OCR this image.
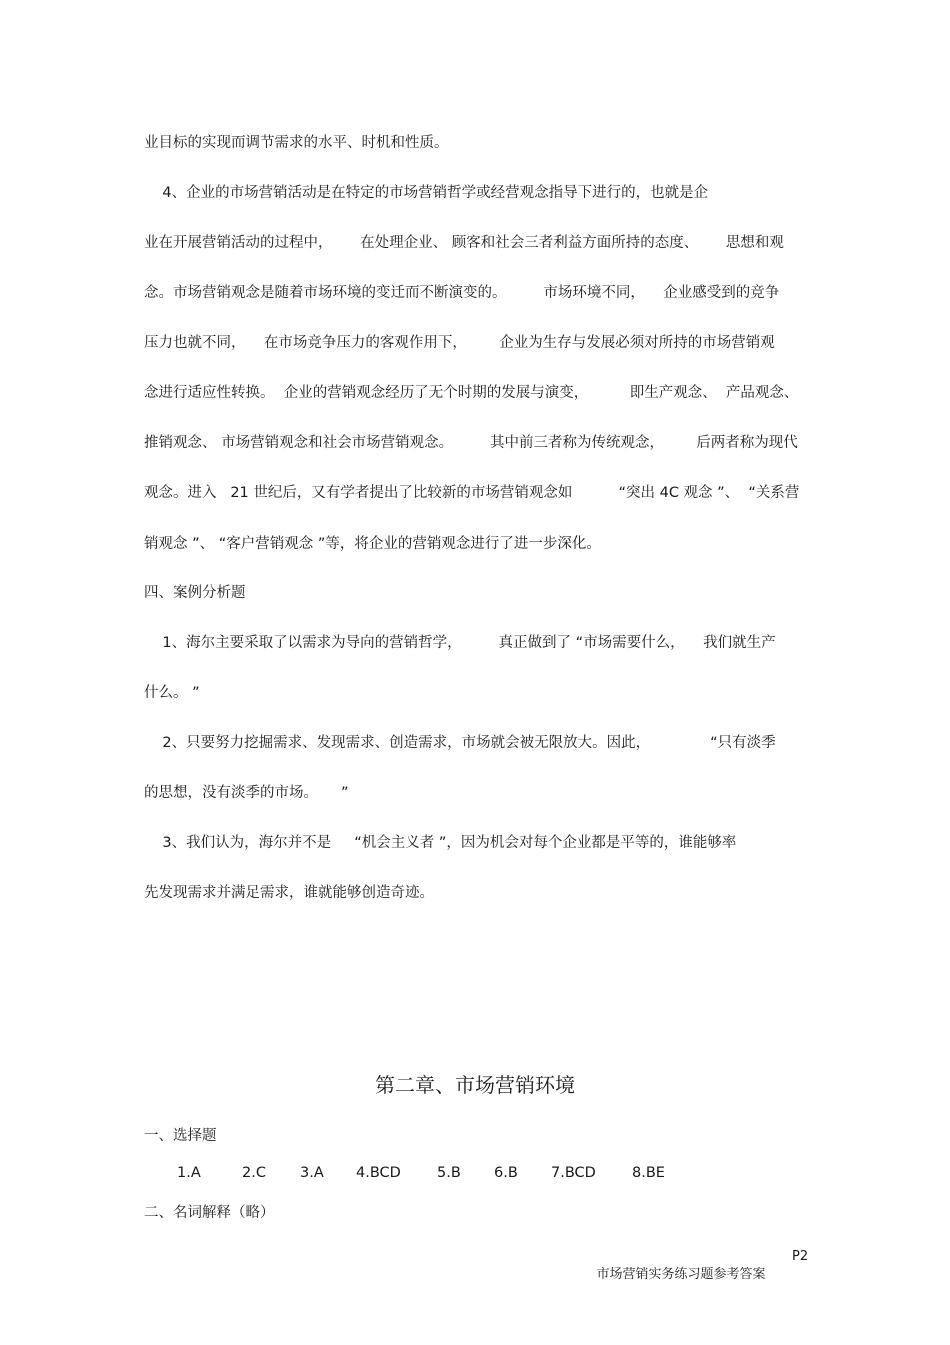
业目标的实现而调节需求的水平、时机和性质。
4、企业的市场营销活动是在特定的市场营销哲学或经营观念指导下进行的，也就是企
业在开展营销活动的过程中，      在处理企业、 顾客和社会三者利益方面所持的态度、      思想和观
念。市场营销观念是随着市场环境的变迁而不断演变的。        市场环境不同，    企业感受到的竞争
压力也就不同，    在市场竞争压力的客观作用下，       企业为生存与发展必须对所持的市场营销观
念进行适应性转换。  企业的营销观念经历了无个时期的发展与演变，         即生产观念、  产品观念、
推销观念、 市场营销观念和社会市场营销观念。        其中前三者称为传统观念，       后两者称为现代
观念。进入   21 世纪后，又有学者提出了比较新的市场营销观念如          “突出 4C 观念 ”、  “关系营
销观念 ”、 “客户营销观念 ”等，将企业的营销观念进行了进一步深化。
四、案例分析题
1、海尔主要采取了以需求为导向的营销哲学，        真正做到了 “市场需要什么，    我们就生产
什么。 ”
2、只要努力挖掘需求、发现需求、创造需求，市场就会被无限放大。因此，             “只有淡季
的思想，没有淡季的市场。     ”
3、我们认为，海尔并不是     “机会主义者 ”，因为机会对每个企业都是平等的，谁能够率
先发现需求并满足需求，谁就能够创造奇迹。
第二章、市场营销环境
一、选择题
1.A	2.C 3.A 4.BCD 5.B 6.B 7.BCD 8.BE
二、名词解释（略）

市场营销实务练习题参考答案

P2
